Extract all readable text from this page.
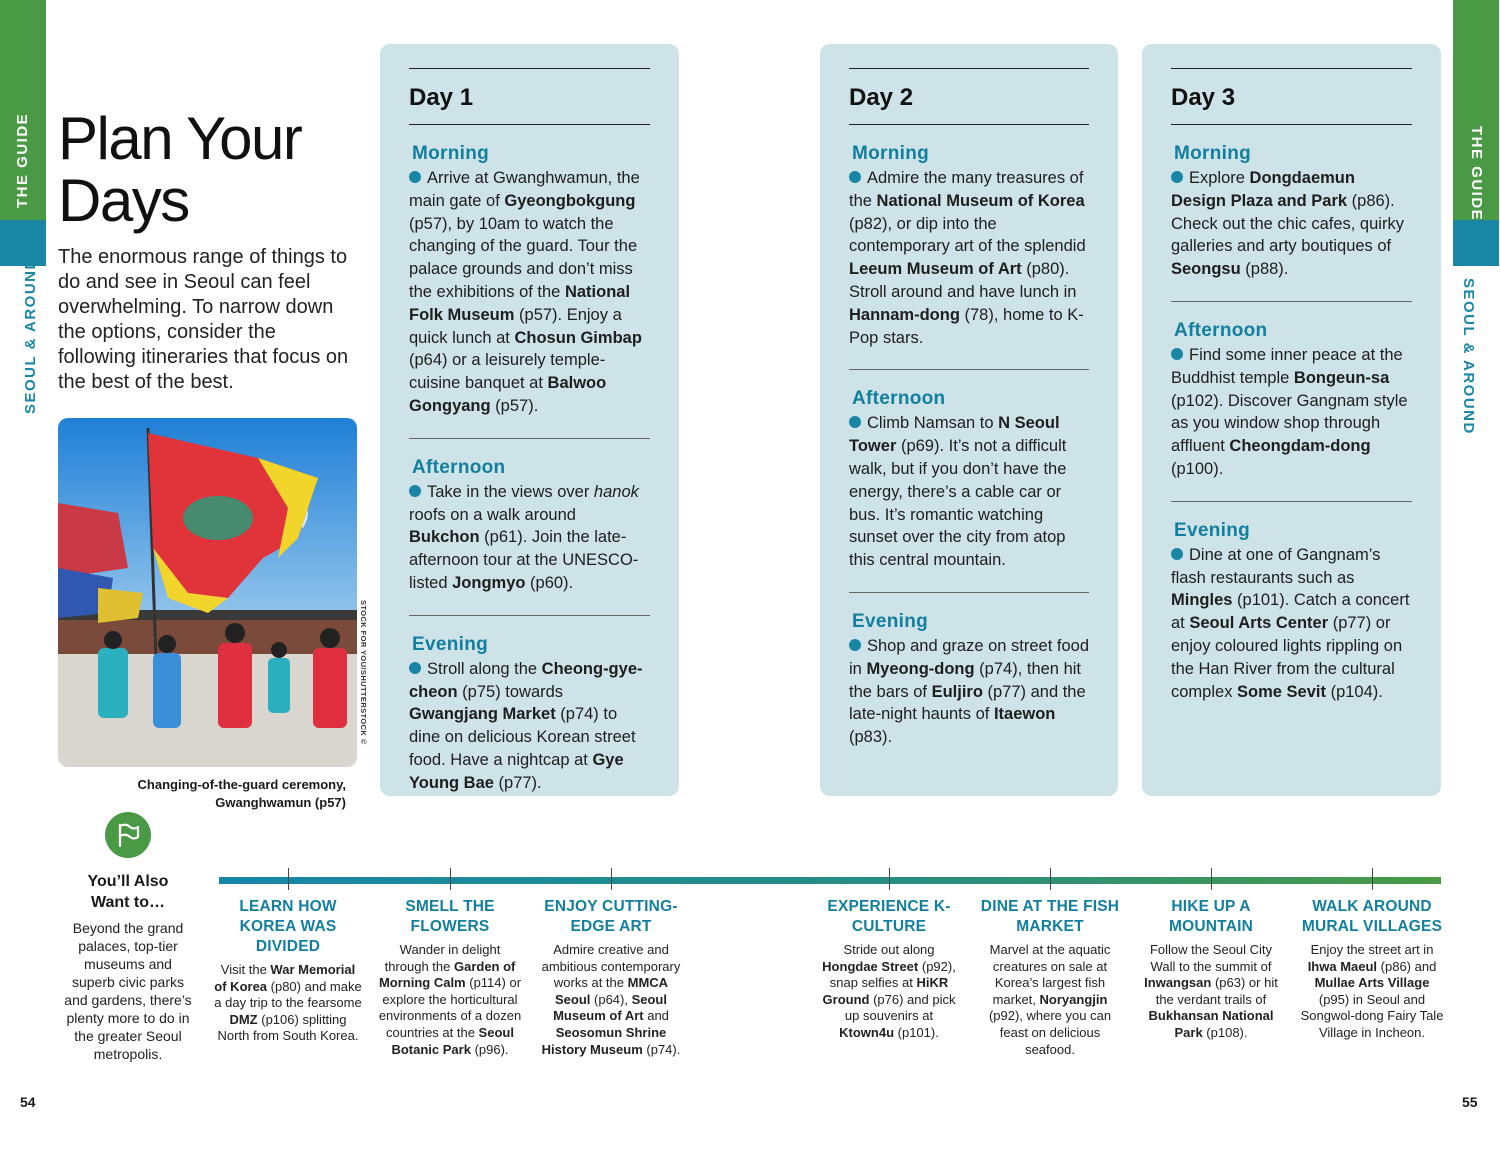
THE GUIDE
SEOUL & AROUND
THE GUIDE
SEOUL & AROUND
Plan Your
Days
The enormous range of things to do and see in Seoul can feel overwhelming. To narrow down the options, consider the following itineraries that focus on the best of the best.
STOCK FOR YOU/SHUTTERSTOCK ©
Changing-of-the-guard ceremony,
Gwanghwamun (p57)
Day 1
Morning
Arrive at Gwanghwamun, the main gate of Gyeongbokgung (p57), by 10am to watch the changing of the guard. Tour the palace grounds and don’t miss the exhibitions of the National Folk Museum (p57). Enjoy a quick lunch at Chosun Gimbap (p64) or a leisurely temple-cuisine banquet at Balwoo Gongyang (p57).
Afternoon
Take in the views over hanok roofs on a walk around Bukchon (p61). Join the late-afternoon tour at the UNESCO-listed Jongmyo (p60).
Evening
Stroll along the Cheong-gye-cheon (p75) towards Gwangjang Market (p74) to dine on delicious Korean street food. Have a nightcap at Gye Young Bae (p77).
Day 2
Morning
Admire the many treasures of the National Museum of Korea (p82), or dip into the contemporary art of the splendid Leeum Museum of Art (p80). Stroll around and have lunch in Hannam-dong (78), home to K-Pop stars.
Afternoon
Climb Namsan to N Seoul Tower (p69). It’s not a difficult walk, but if you don’t have the energy, there’s a cable car or bus. It’s romantic watching sunset over the city from atop this central mountain.
Evening
Shop and graze on street food in Myeong-dong (p74), then hit the bars of Euljiro (p77) and the late-night haunts of Itaewon (p83).
Day 3
Morning
Explore Dongdaemun Design Plaza and Park (p86). Check out the chic cafes, quirky galleries and arty boutiques of Seongsu (p88).
Afternoon
Find some inner peace at the Buddhist temple Bongeun-sa (p102). Discover Gangnam style as you window shop through affluent Cheongdam-dong (p100).
Evening
Dine at one of Gangnam’s flash restaurants such as Mingles (p101). Catch a concert at Seoul Arts Center (p77) or enjoy coloured lights rippling on the Han River from the cultural complex Some Sevit (p104).
You’ll Also
Want to…
Beyond the grand palaces, top-tier museums and superb civic parks and gardens, there’s plenty more to do in the greater Seoul metropolis.
LEARN HOW KOREA WAS DIVIDED
Visit the War Memorial of Korea (p80) and make a day trip to the fearsome DMZ (p106) splitting North from South Korea.
SMELL THE FLOWERS
Wander in delight through the Garden of Morning Calm (p114) or explore the horticultural environments of a dozen countries at the Seoul Botanic Park (p96).
ENJOY CUTTING-EDGE ART
Admire creative and ambitious contemporary works at the MMCA Seoul (p64), Seoul Museum of Art and Seosomun Shrine History Museum (p74).
EXPERIENCE K-CULTURE
Stride out along Hongdae Street (p92), snap selfies at HiKR Ground (p76) and pick up souvenirs at Ktown4u (p101).
DINE AT THE FISH MARKET
Marvel at the aquatic creatures on sale at Korea’s largest fish market, Noryangjin (p92), where you can feast on delicious seafood.
HIKE UP A MOUNTAIN
Follow the Seoul City Wall to the summit of Inwangsan (p63) or hit the verdant trails of Bukhansan National Park (p108).
WALK AROUND MURAL VILLAGES
Enjoy the street art in Ihwa Maeul (p86) and Mullae Arts Village (p95) in Seoul and Songwol-dong Fairy Tale Village in Incheon.
54	55
